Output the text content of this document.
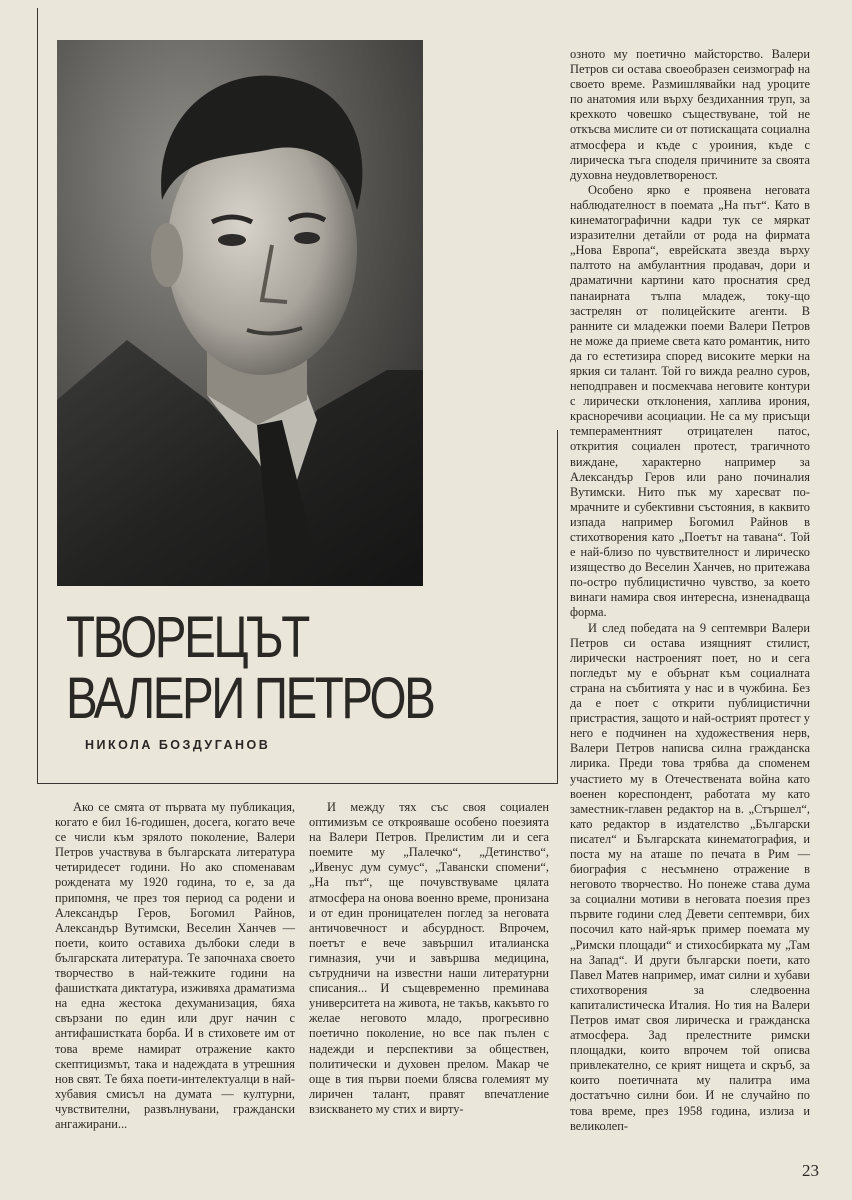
ТВОРЕЦЪТ
ВАЛЕРИ ПЕТРОВ
НИКОЛА БОЗДУГАНОВ

озното му поетично майсторство. Валери Петров си остава своеобразен сеизмограф на своето време. Размишлявайки над уроците по анатомия или върху бездиханния труп, за крехкото човешко съществуване, той не откъсва мислите си от потискащата социална атмосфера и къде с уроиния, къде с лирическа тъга споделя причините за своята духовна неудовлетвореност.

Особено ярко е проявена неговата наблюдателност в поемата „На път“. Като в кинематографични кадри тук се мяркат изразителни детайли от рода на фирмата „Нова Европа“, еврейската звезда върху палтото на амбулантния продавач, дори и драматични картини като проснатия сред панаирната тълпа младеж, току-що застрелян от полицейските агенти. В ранните си младежки поеми Валери Петров не може да приеме света като романтик, нито да го естетизира според високите мерки на яркия си талант. Той го вижда реално суров, неподправен и посмекчава неговите контури с лирически отклонения, хаплива ирония, красноречиви асоциации. Не са му присъщи темпераментният отрицателен патос, открития социален протест, трагичното виждане, характерно например за Александър Геров или рано починалия Вутимски. Нито пък му харесват по-мрачните и субективни състояния, в каквито изпада например Богомил Райнов в стихотворения като „Поетът на тавана“. Той е най-близо по чувствителност и лирическо изящество до Веселин Ханчев, но притежава по-остро публицистично чувство, за което винаги намира своя интересна, изненадваща форма.

И след победата на 9 септември Валери Петров си остава изящният стилист, лирически настроеният поет, но и сега погледът му е обърнат към социалната страна на събитията у нас и в чужбина. Без да е поет с открити публицистични пристрастия, защото и най-острият протест у него е подчинен на художествения нерв, Валери Петров написва силна гражданска лирика. Преди това трябва да споменем участието му в Отечествената война като военен кореспондент, работата му като заместник-главен редактор на в. „Стършел“, като редактор в издателство „Български писател“ и Българската кинематография, и поста му на аташе по печата в Рим — биография с несъмнено отражение в неговото творчество. Но понеже става дума за социални мотиви в неговата поезия през първите години след Девети септември, бих посочил като най-ярък пример поемата му „Римски площади“ и стихосбирката му „Там на Запад“. И други български поети, като Павел Матев например, имат силни и хубави стихотворения за следвоенна капиталистическа Италия. Но тия на Валери Петров имат своя лирическа и гражданска атмосфера. Зад прелестните римски площадки, които впрочем той описва привлекателно, се крият нищета и скръб, за които поетичната му палитра има достатъчно силни бои. И не случайно по това време, през 1958 година, излиза и великолеп-

Ако се смята от първата му публикация, когато е бил 16-годишен, досега, когато вече се числи към зрялото поколение, Валери Петров участвува в българската литература четиридесет години. Но ако споменавам рождената му 1920 година, то е, за да припомня, че през тоя период са родени и Александър Геров, Богомил Райнов, Александър Вутимски, Веселин Ханчев — поети, които оставиха дълбоки следи в българската литература. Те започнаха своето творчество в най-тежките години на фашистката диктатура, изживяха драматизма на една жестока дехуманизация, бяха свързани по един или друг начин с антифашистката борба. И в стиховете им от това време намират отражение както скептицизмът, така и надеждата в утрешния нов свят. Те бяха поети-интелектуалци в най-хубавия смисъл на думата — културни, чувствителни, развълнувани, граждански ангажирани...

И между тях със своя социален оптимизъм се открояваше особено поезията на Валери Петров. Прелистим ли и сега поемите му „Палечко“, „Детинство“, „Ивенус дум сумус“, „Тавански спомени“, „На път“, ще почувствуваме цялата атмосфера на онова военно време, пронизана и от един проницателен поглед за неговата античовечност и абсурдност. Впрочем, поетът е вече завършил италианска гимназия, учи и завършва медицина, сътрудничи на известни наши литературни списания... И същевременно преминава университета на живота, не такъв, какъвто го желае неговото младо, прогресивно поетично поколение, но все пак пълен с надежди и перспективи за обществен, политически и духовен прелом. Макар че още в тия първи поеми блясва големият му лиричен талант, правят впечатление взискването му стих и вирту-

23
